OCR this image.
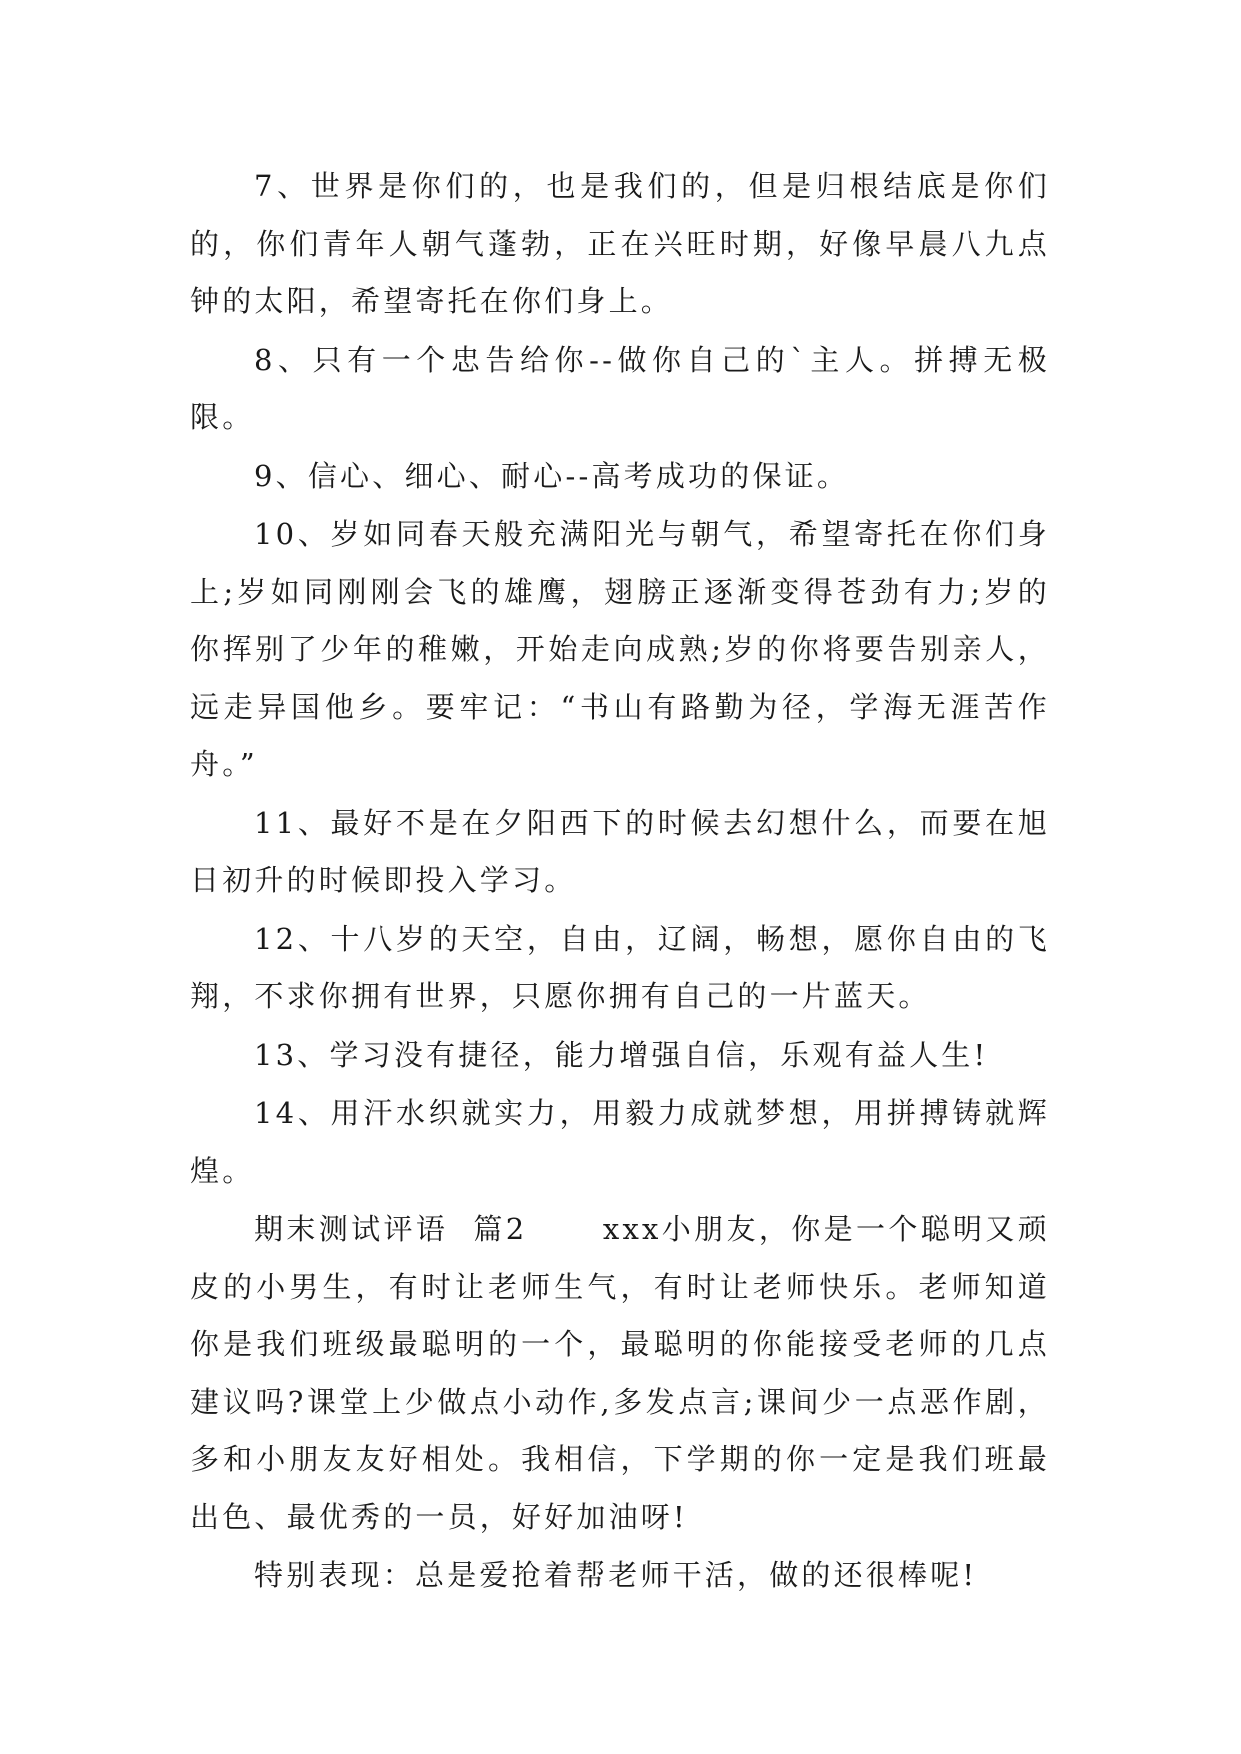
7、世界是你们的，也是我们的，但是归根结底是你们的，你们青年人朝气蓬勃，正在兴旺时期，好像早晨八九点钟的太阳，希望寄托在你们身上。

8、只有一个忠告给你--做你自己的`主人。拼搏无极限。

9、信心、细心、耐心--高考成功的保证。

10、岁如同春天般充满阳光与朝气，希望寄托在你们身上;岁如同刚刚会飞的雄鹰，翅膀正逐渐变得苍劲有力;岁的你挥别了少年的稚嫩，开始走向成熟;岁的你将要告别亲人，远走异国他乡。要牢记：“书山有路勤为径，学海无涯苦作舟。”

11、最好不是在夕阳西下的时候去幻想什么，而要在旭日初升的时候即投入学习。

12、十八岁的天空，自由，辽阔，畅想，愿你自由的飞翔，不求你拥有世界，只愿你拥有自己的一片蓝天。

13、学习没有捷径，能力增强自信，乐观有益人生!

14、用汗水织就实力，用毅力成就梦想，用拼搏铸就辉煌。

期末测试评语  篇2      xxx小朋友，你是一个聪明又顽皮的小男生，有时让老师生气，有时让老师快乐。老师知道你是我们班级最聪明的一个，最聪明的你能接受老师的几点建议吗?课堂上少做点小动作,多发点言;课间少一点恶作剧，多和小朋友友好相处。我相信，下学期的你一定是我们班最出色、最优秀的一员，好好加油呀!

特别表现：总是爱抢着帮老师干活，做的还很棒呢!
